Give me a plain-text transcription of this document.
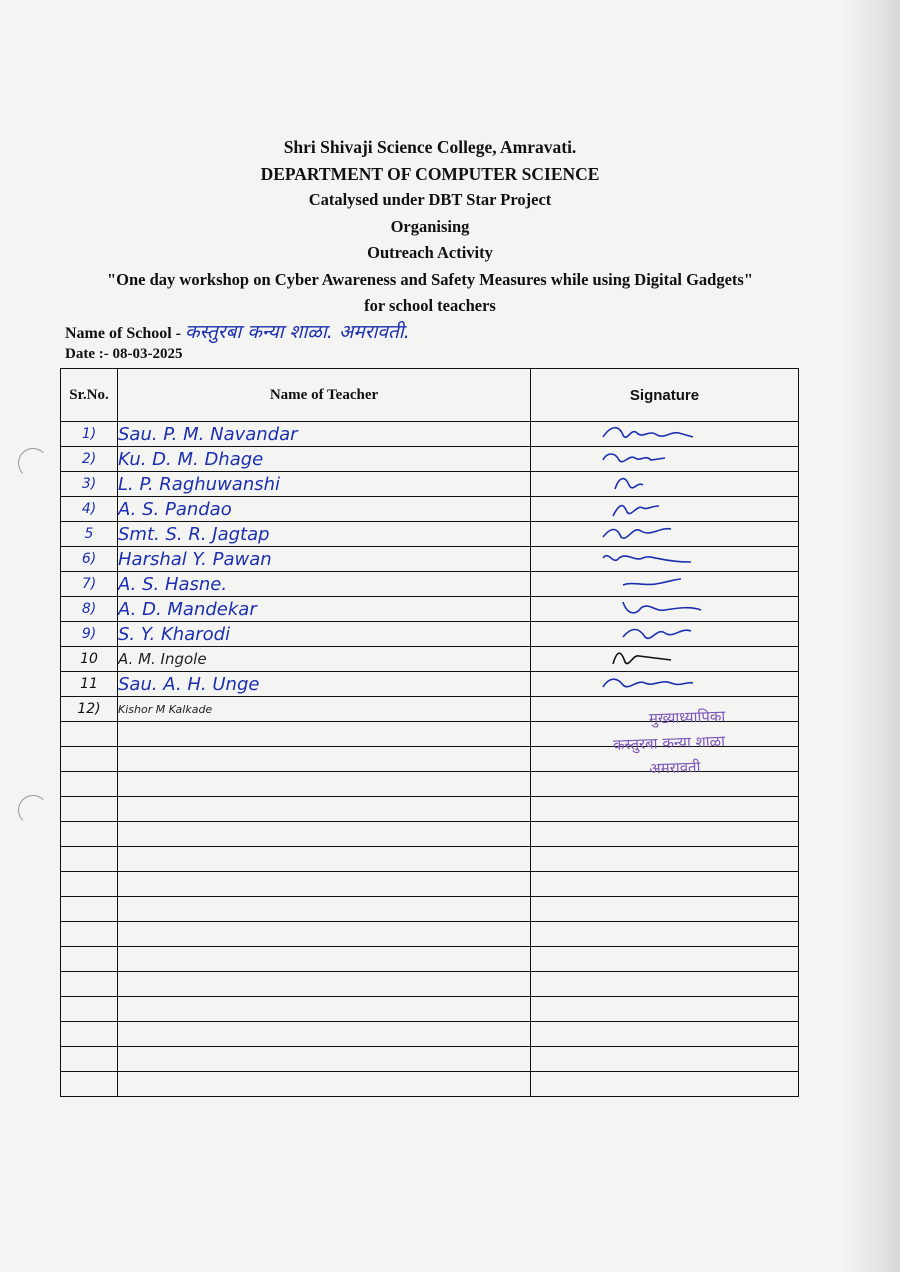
Shri Shivaji Science College, Amravati.
DEPARTMENT OF COMPUTER SCIENCE
Catalysed under DBT Star Project
Organising
Outreach Activity
"One day workshop on Cyber Awareness and Safety Measures while using Digital Gadgets"
for school teachers
Name of School - कस्तुरबा कन्या शाळा. अमरावती.
Date :- 08-03-2025
Sr.No.	Name of Teacher	Signature
1)	Sau. P. M. Navandar	

2)	Ku. D. M. Dhage	

3)	L. P. Raghuwanshi	

4)	A. S. Pandao	

5	Smt. S. R. Jagtap	

6)	Harshal Y. Pawan	

7)	A. S. Hasne.	

8)	A. D. Mandekar	

9)	S. Y. Kharodi	

10	A. M. Ingole	

11	Sau. A. H. Unge	

12)	Kishor M Kalkade	

			मुख्याध्यापिका
कस्तुरबा कन्या शाळा
अमरावती
